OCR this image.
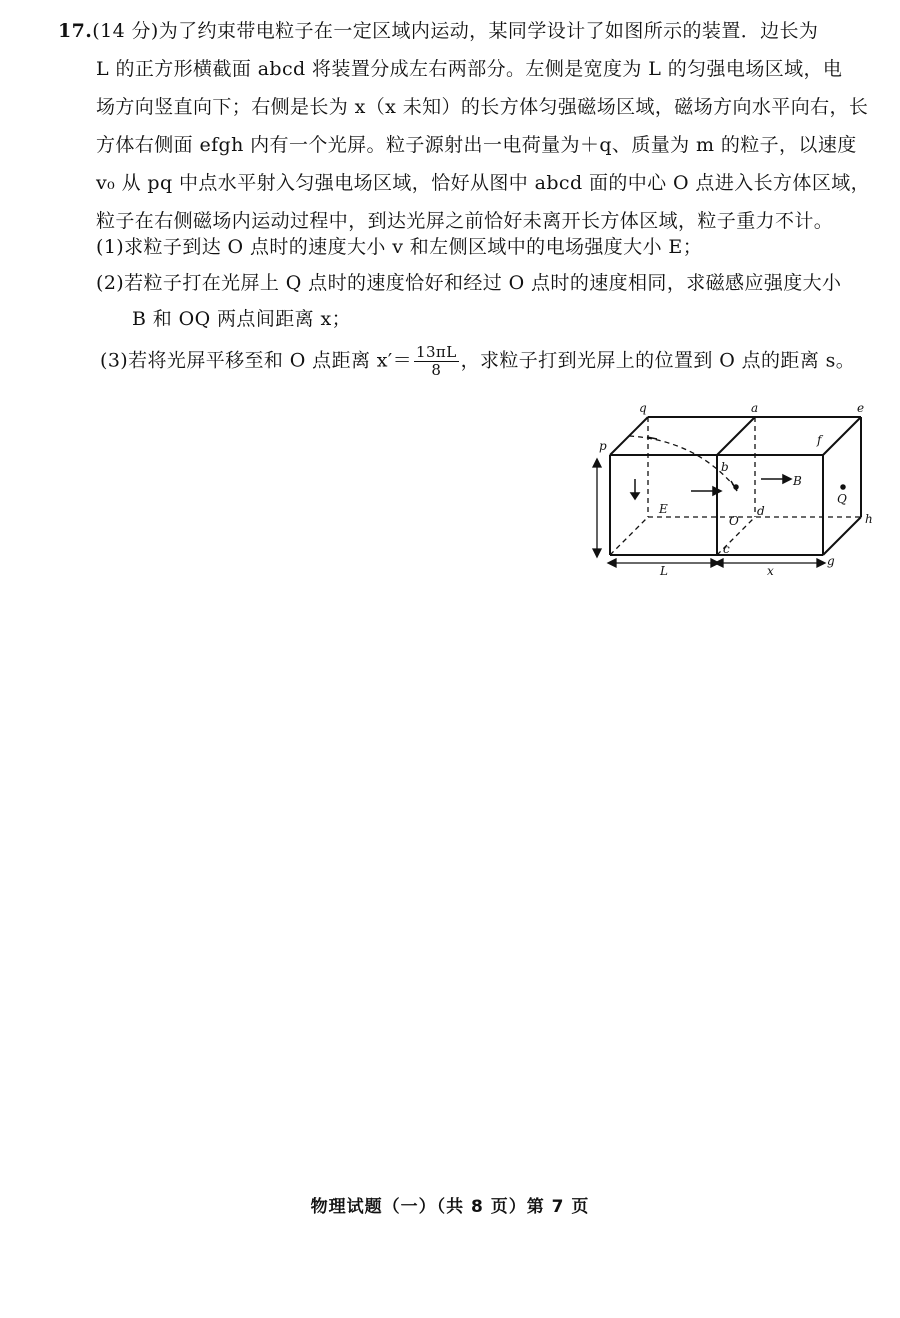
17.(14 分)为了约束带电粒子在一定区域内运动，某同学设计了如图所示的装置．边长为
L 的正方形横截面 abcd 将装置分成左右两部分。左侧是宽度为 L 的匀强电场区域，电
场方向竖直向下；右侧是长为 x（x 未知）的长方体匀强磁场区域，磁场方向水平向右，长
方体右侧面 efgh 内有一个光屏。粒子源射出一电荷量为＋q、质量为 m 的粒子，以速度
v₀ 从 pq 中点水平射入匀强电场区域，恰好从图中 abcd 面的中心 O 点进入长方体区域，
粒子在右侧磁场内运动过程中，到达光屏之前恰好未离开长方体区域，粒子重力不计。
(1)求粒子到达 O 点时的速度大小 v 和左侧区域中的电场强度大小 E；
(2)若粒子打在光屏上 Q 点时的速度恰好和经过 O 点时的速度相同，求磁感应强度大小
B 和 OQ 两点间距离 x；
(3)若将光屏平移至和 O 点距离 $x'= \frac{13\pi L}{8}$ ，求粒子打到光屏上的位置到 O 点的距离 s。
q	a	e
p	f
b
B
E	d
O
c
h
g
Q
L	x
物理试题（一）（共 8 页）第 7 页
